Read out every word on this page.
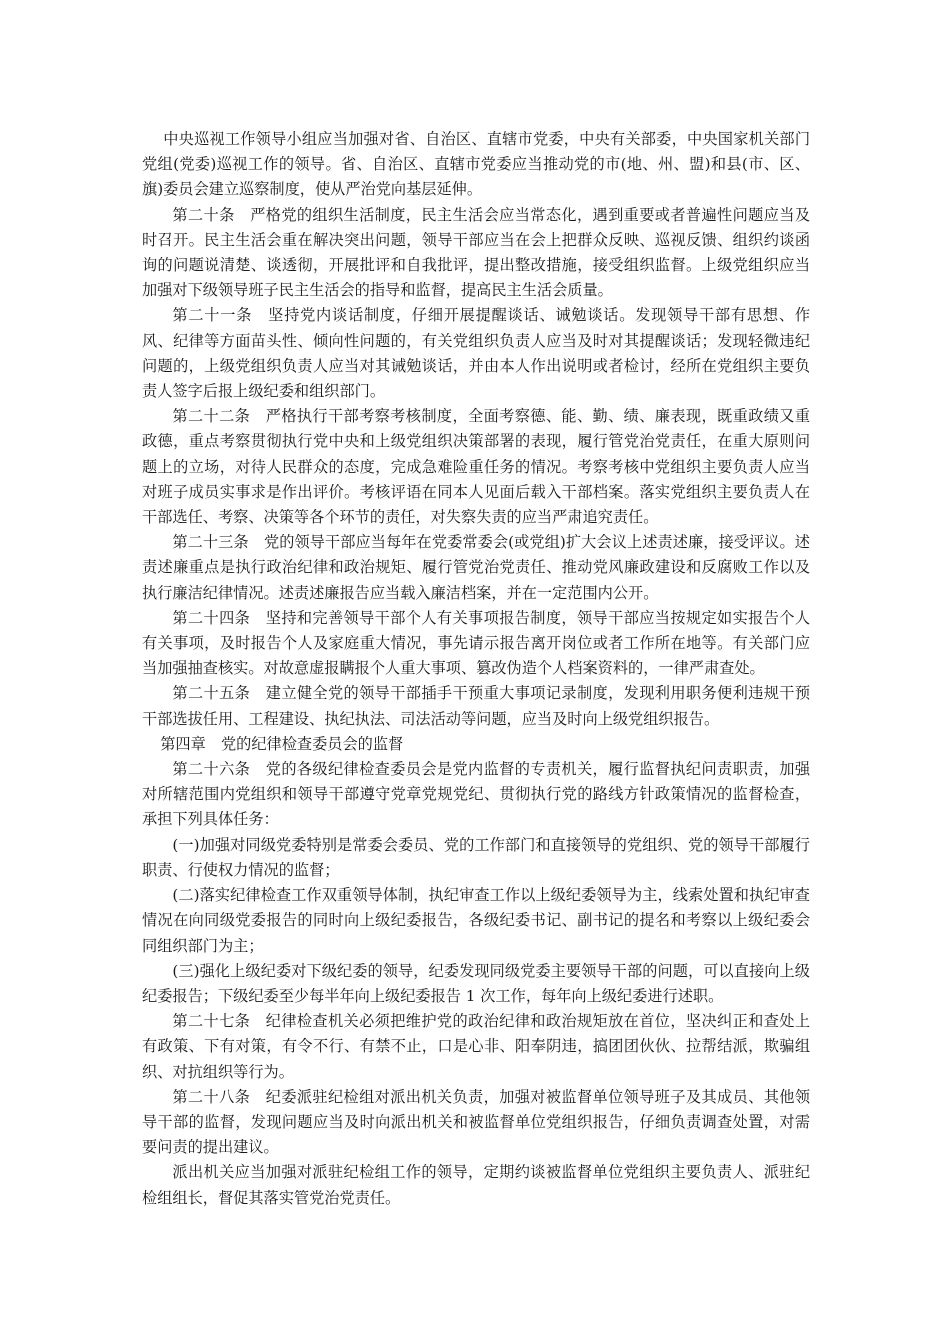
中央巡视工作领导小组应当加强对省、自治区、直辖市党委，中央有关部委，中央国家机关部门党组(党委)巡视工作的领导。省、自治区、直辖市党委应当推动党的市(地、州、盟)和县(市、区、旗)委员会建立巡察制度，使从严治党向基层延伸。

第二十条　严格党的组织生活制度，民主生活会应当常态化，遇到重要或者普遍性问题应当及时召开。民主生活会重在解决突出问题，领导干部应当在会上把群众反映、巡视反馈、组织约谈函询的问题说清楚、谈透彻，开展批评和自我批评，提出整改措施，接受组织监督。上级党组织应当加强对下级领导班子民主生活会的指导和监督，提高民主生活会质量。

第二十一条　坚持党内谈话制度，仔细开展提醒谈话、诫勉谈话。发现领导干部有思想、作风、纪律等方面苗头性、倾向性问题的，有关党组织负责人应当及时对其提醒谈话；发现轻微违纪问题的，上级党组织负责人应当对其诫勉谈话，并由本人作出说明或者检讨，经所在党组织主要负责人签字后报上级纪委和组织部门。

第二十二条　严格执行干部考察考核制度，全面考察德、能、勤、绩、廉表现，既重政绩又重政德，重点考察贯彻执行党中央和上级党组织决策部署的表现，履行管党治党责任，在重大原则问题上的立场，对待人民群众的态度，完成急难险重任务的情况。考察考核中党组织主要负责人应当对班子成员实事求是作出评价。考核评语在同本人见面后载入干部档案。落实党组织主要负责人在干部选任、考察、决策等各个环节的责任，对失察失责的应当严肃追究责任。

第二十三条　党的领导干部应当每年在党委常委会(或党组)扩大会议上述责述廉，接受评议。述责述廉重点是执行政治纪律和政治规矩、履行管党治党责任、推动党风廉政建设和反腐败工作以及执行廉洁纪律情况。述责述廉报告应当载入廉洁档案，并在一定范围内公开。

第二十四条　坚持和完善领导干部个人有关事项报告制度，领导干部应当按规定如实报告个人有关事项，及时报告个人及家庭重大情况，事先请示报告离开岗位或者工作所在地等。有关部门应当加强抽查核实。对故意虚报瞒报个人重大事项、篡改伪造个人档案资料的，一律严肃查处。

第二十五条　建立健全党的领导干部插手干预重大事项记录制度，发现利用职务便利违规干预干部选拔任用、工程建设、执纪执法、司法活动等问题，应当及时向上级党组织报告。

第四章　党的纪律检查委员会的监督

第二十六条　党的各级纪律检查委员会是党内监督的专责机关，履行监督执纪问责职责，加强对所辖范围内党组织和领导干部遵守党章党规党纪、贯彻执行党的路线方针政策情况的监督检查，承担下列具体任务：

(一)加强对同级党委特别是常委会委员、党的工作部门和直接领导的党组织、党的领导干部履行职责、行使权力情况的监督；

(二)落实纪律检查工作双重领导体制，执纪审查工作以上级纪委领导为主，线索处置和执纪审查情况在向同级党委报告的同时向上级纪委报告，各级纪委书记、副书记的提名和考察以上级纪委会同组织部门为主；

(三)强化上级纪委对下级纪委的领导，纪委发现同级党委主要领导干部的问题，可以直接向上级纪委报告；下级纪委至少每半年向上级纪委报告 1 次工作，每年向上级纪委进行述职。

第二十七条　纪律检查机关必须把维护党的政治纪律和政治规矩放在首位，坚决纠正和查处上有政策、下有对策，有令不行、有禁不止，口是心非、阳奉阴违，搞团团伙伙、拉帮结派，欺骗组织、对抗组织等行为。

第二十八条　纪委派驻纪检组对派出机关负责，加强对被监督单位领导班子及其成员、其他领导干部的监督，发现问题应当及时向派出机关和被监督单位党组织报告，仔细负责调查处置，对需要问责的提出建议。

派出机关应当加强对派驻纪检组工作的领导，定期约谈被监督单位党组织主要负责人、派驻纪检组组长，督促其落实管党治党责任。
